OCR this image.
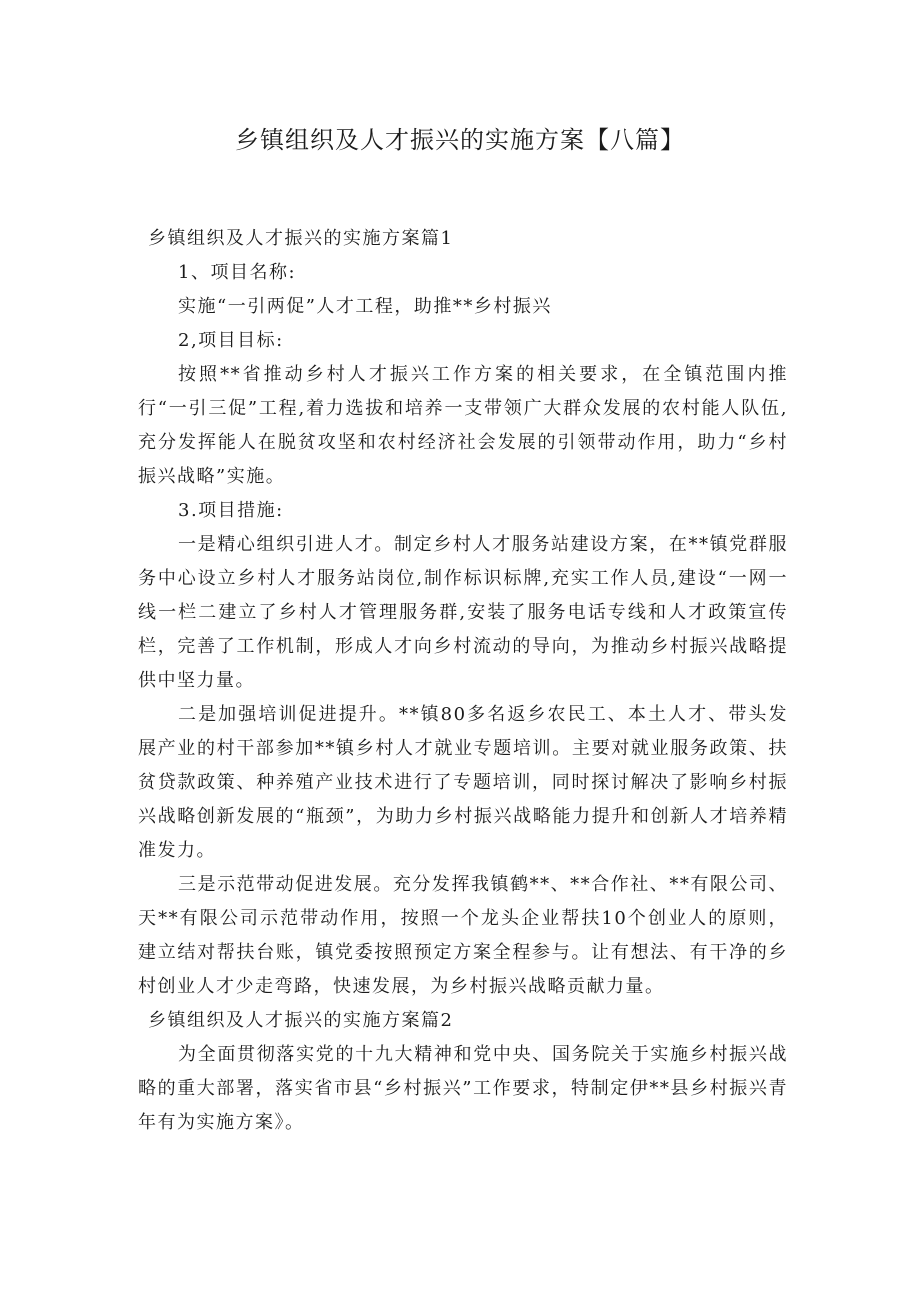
乡镇组织及人才振兴的实施方案【八篇】

乡镇组织及人才振兴的实施方案篇1

1、项目名称:

实施“一引两促”人才工程，助推**乡村振兴

2,项目目标:

按照**省推动乡村人才振兴工作方案的相关要求，在全镇范围内推行“一引三促”工程,着力选拔和培养一支带领广大群众发展的农村能人队伍,充分发挥能人在脱贫攻坚和农村经济社会发展的引领带动作用，助力“乡村振兴战略”实施。

3.项目措施:

一是精心组织引进人才。制定乡村人才服务站建设方案，在**镇党群服务中心设立乡村人才服务站岗位,制作标识标牌,充实工作人员,建设“一网一线一栏二建立了乡村人才管理服务群,安装了服务电话专线和人才政策宣传栏，完善了工作机制，形成人才向乡村流动的导向，为推动乡村振兴战略提供中坚力量。

二是加强培训促进提升。**镇80多名返乡农民工、本土人才、带头发展产业的村干部参加**镇乡村人才就业专题培训。主要对就业服务政策、扶贫贷款政策、种养殖产业技术进行了专题培训，同时探讨解决了影响乡村振兴战略创新发展的“瓶颈”，为助力乡村振兴战略能力提升和创新人才培养精准发力。

三是示范带动促进发展。充分发挥我镇鹤**、**合作社、**有限公司、天**有限公司示范带动作用，按照一个龙头企业帮扶10个创业人的原则，建立结对帮扶台账，镇党委按照预定方案全程参与。让有想法、有干净的乡村创业人才少走弯路，快速发展，为乡村振兴战略贡献力量。

乡镇组织及人才振兴的实施方案篇2

为全面贯彻落实党的十九大精神和党中央、国务院关于实施乡村振兴战略的重大部署，落实省市县“乡村振兴”工作要求，特制定伊**县乡村振兴青年有为实施方案》。
